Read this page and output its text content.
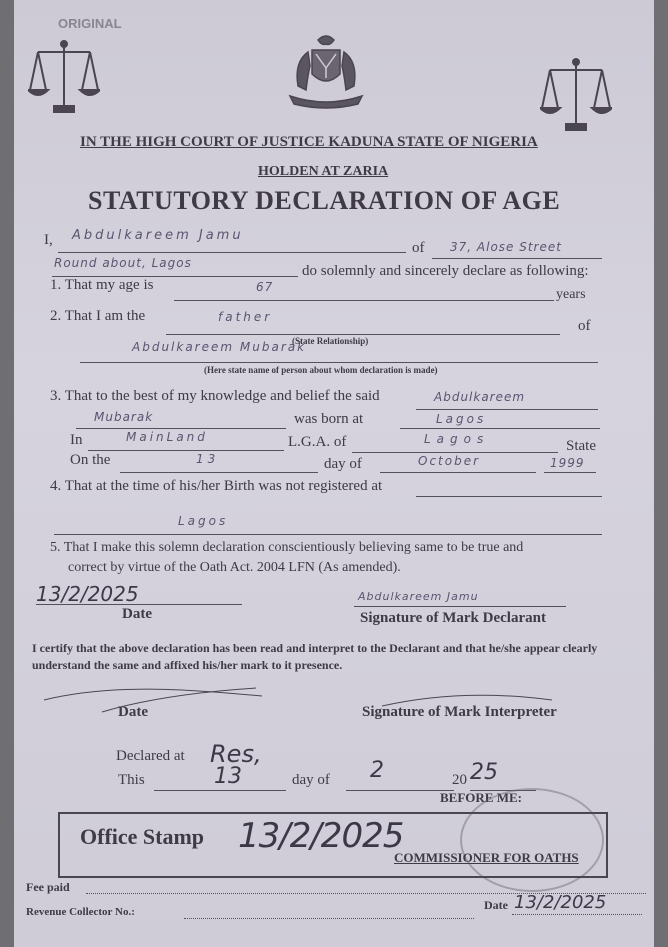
ORIGINAL
IN THE HIGH COURT OF JUSTICE KADUNA STATE OF NIGERIA
HOLDEN AT ZARIA
STATUTORY DECLARATION OF AGE
I, Abdulkareem Jamu
of 37, Alose Street
Round about, Lagos	do solemnly and sincerely declare as following:
1. That my age is	67	years
2. That I am the	father
of
(State Relationship)
Abdulkareem Mubarak
(Here state name of person about whom declaration is made)
3. That to the best of my knowledge and belief the said	Abdulkareem
Mubarak	was born at	Lagos
In	MainLand	L.G.A. of	Lagos	State
On the	13	day of	October	1999
4. That at the time of his/her Birth was not registered at
Lagos
5. That I make this solemn declaration conscientiously believing same to be true and
correct by virtue of the Oath Act. 2004 LFN (As amended).
13/2/2025
Date
Abdulkareem Jamu
Signature of Mark Declarant
I certify that the above declaration has been read and interpret to the Declarant and that he/she appear clearly understand the same and affixed his/her mark to it presence.
Date	Signature of Mark Interpreter
Declared at Res,
This	13	day of 2	20 25
BEFORE ME:
Office Stamp 13/2/2025
COMMISSIONER FOR OATHS
Fee paid
Revenue Collector No.:	Date 13/2/2025
